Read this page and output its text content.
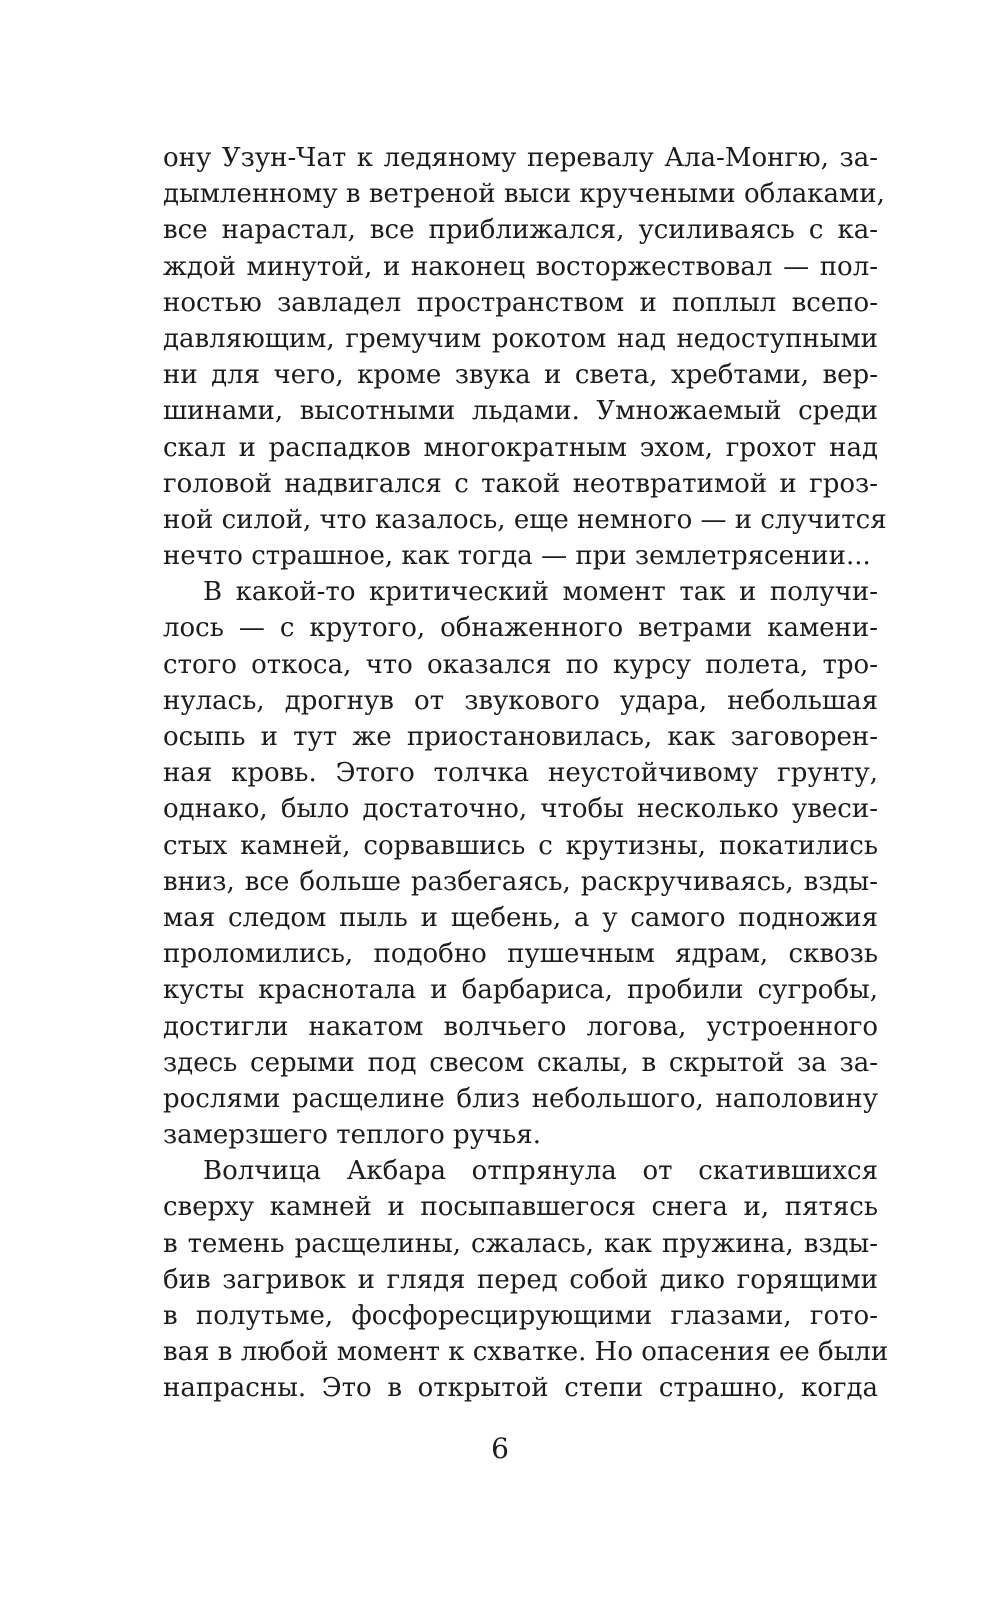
ону Узун-Чат к ледяному перевалу Ала-Монгю, за-
дымленному в ветреной выси кручеными облаками,
все нарастал, все приближался, усиливаясь с ка-
ждой минутой, и наконец восторжествовал — пол-
ностью завладел пространством и поплыл всепо-
давляющим, гремучим рокотом над недоступными
ни для чего, кроме звука и света, хребтами, вер-
шинами, высотными льдами. Умножаемый среди
скал и распадков многократным эхом, грохот над
головой надвигался с такой неотвратимой и гроз-
ной силой, что казалось, еще немного — и случится
нечто страшное, как тогда — при землетрясении...
В какой-то критический момент так и получи-
лось — с крутого, обнаженного ветрами камени-
стого откоса, что оказался по курсу полета, тро-
нулась, дрогнув от звукового удара, небольшая
осыпь и тут же приостановилась, как заговорен-
ная кровь. Этого толчка неустойчивому грунту,
однако, было достаточно, чтобы несколько увеси-
стых камней, сорвавшись с крутизны, покатились
вниз, все больше разбегаясь, раскручиваясь, взды-
мая следом пыль и щебень, а у самого подножия
проломились, подобно пушечным ядрам, сквозь
кусты краснотала и барбариса, пробили сугробы,
достигли накатом волчьего логова, устроенного
здесь серыми под свесом скалы, в скрытой за за-
рослями расщелине близ небольшого, наполовину
замерзшего теплого ручья.
Волчица Акбара отпрянула от скатившихся
сверху камней и посыпавшегося снега и, пятясь
в темень расщелины, сжалась, как пружина, взды-
бив загривок и глядя перед собой дико горящими
в полутьме, фосфоресцирующими глазами, гото-
вая в любой момент к схватке. Но опасения ее были
напрасны. Это в открытой степи страшно, когда
6
